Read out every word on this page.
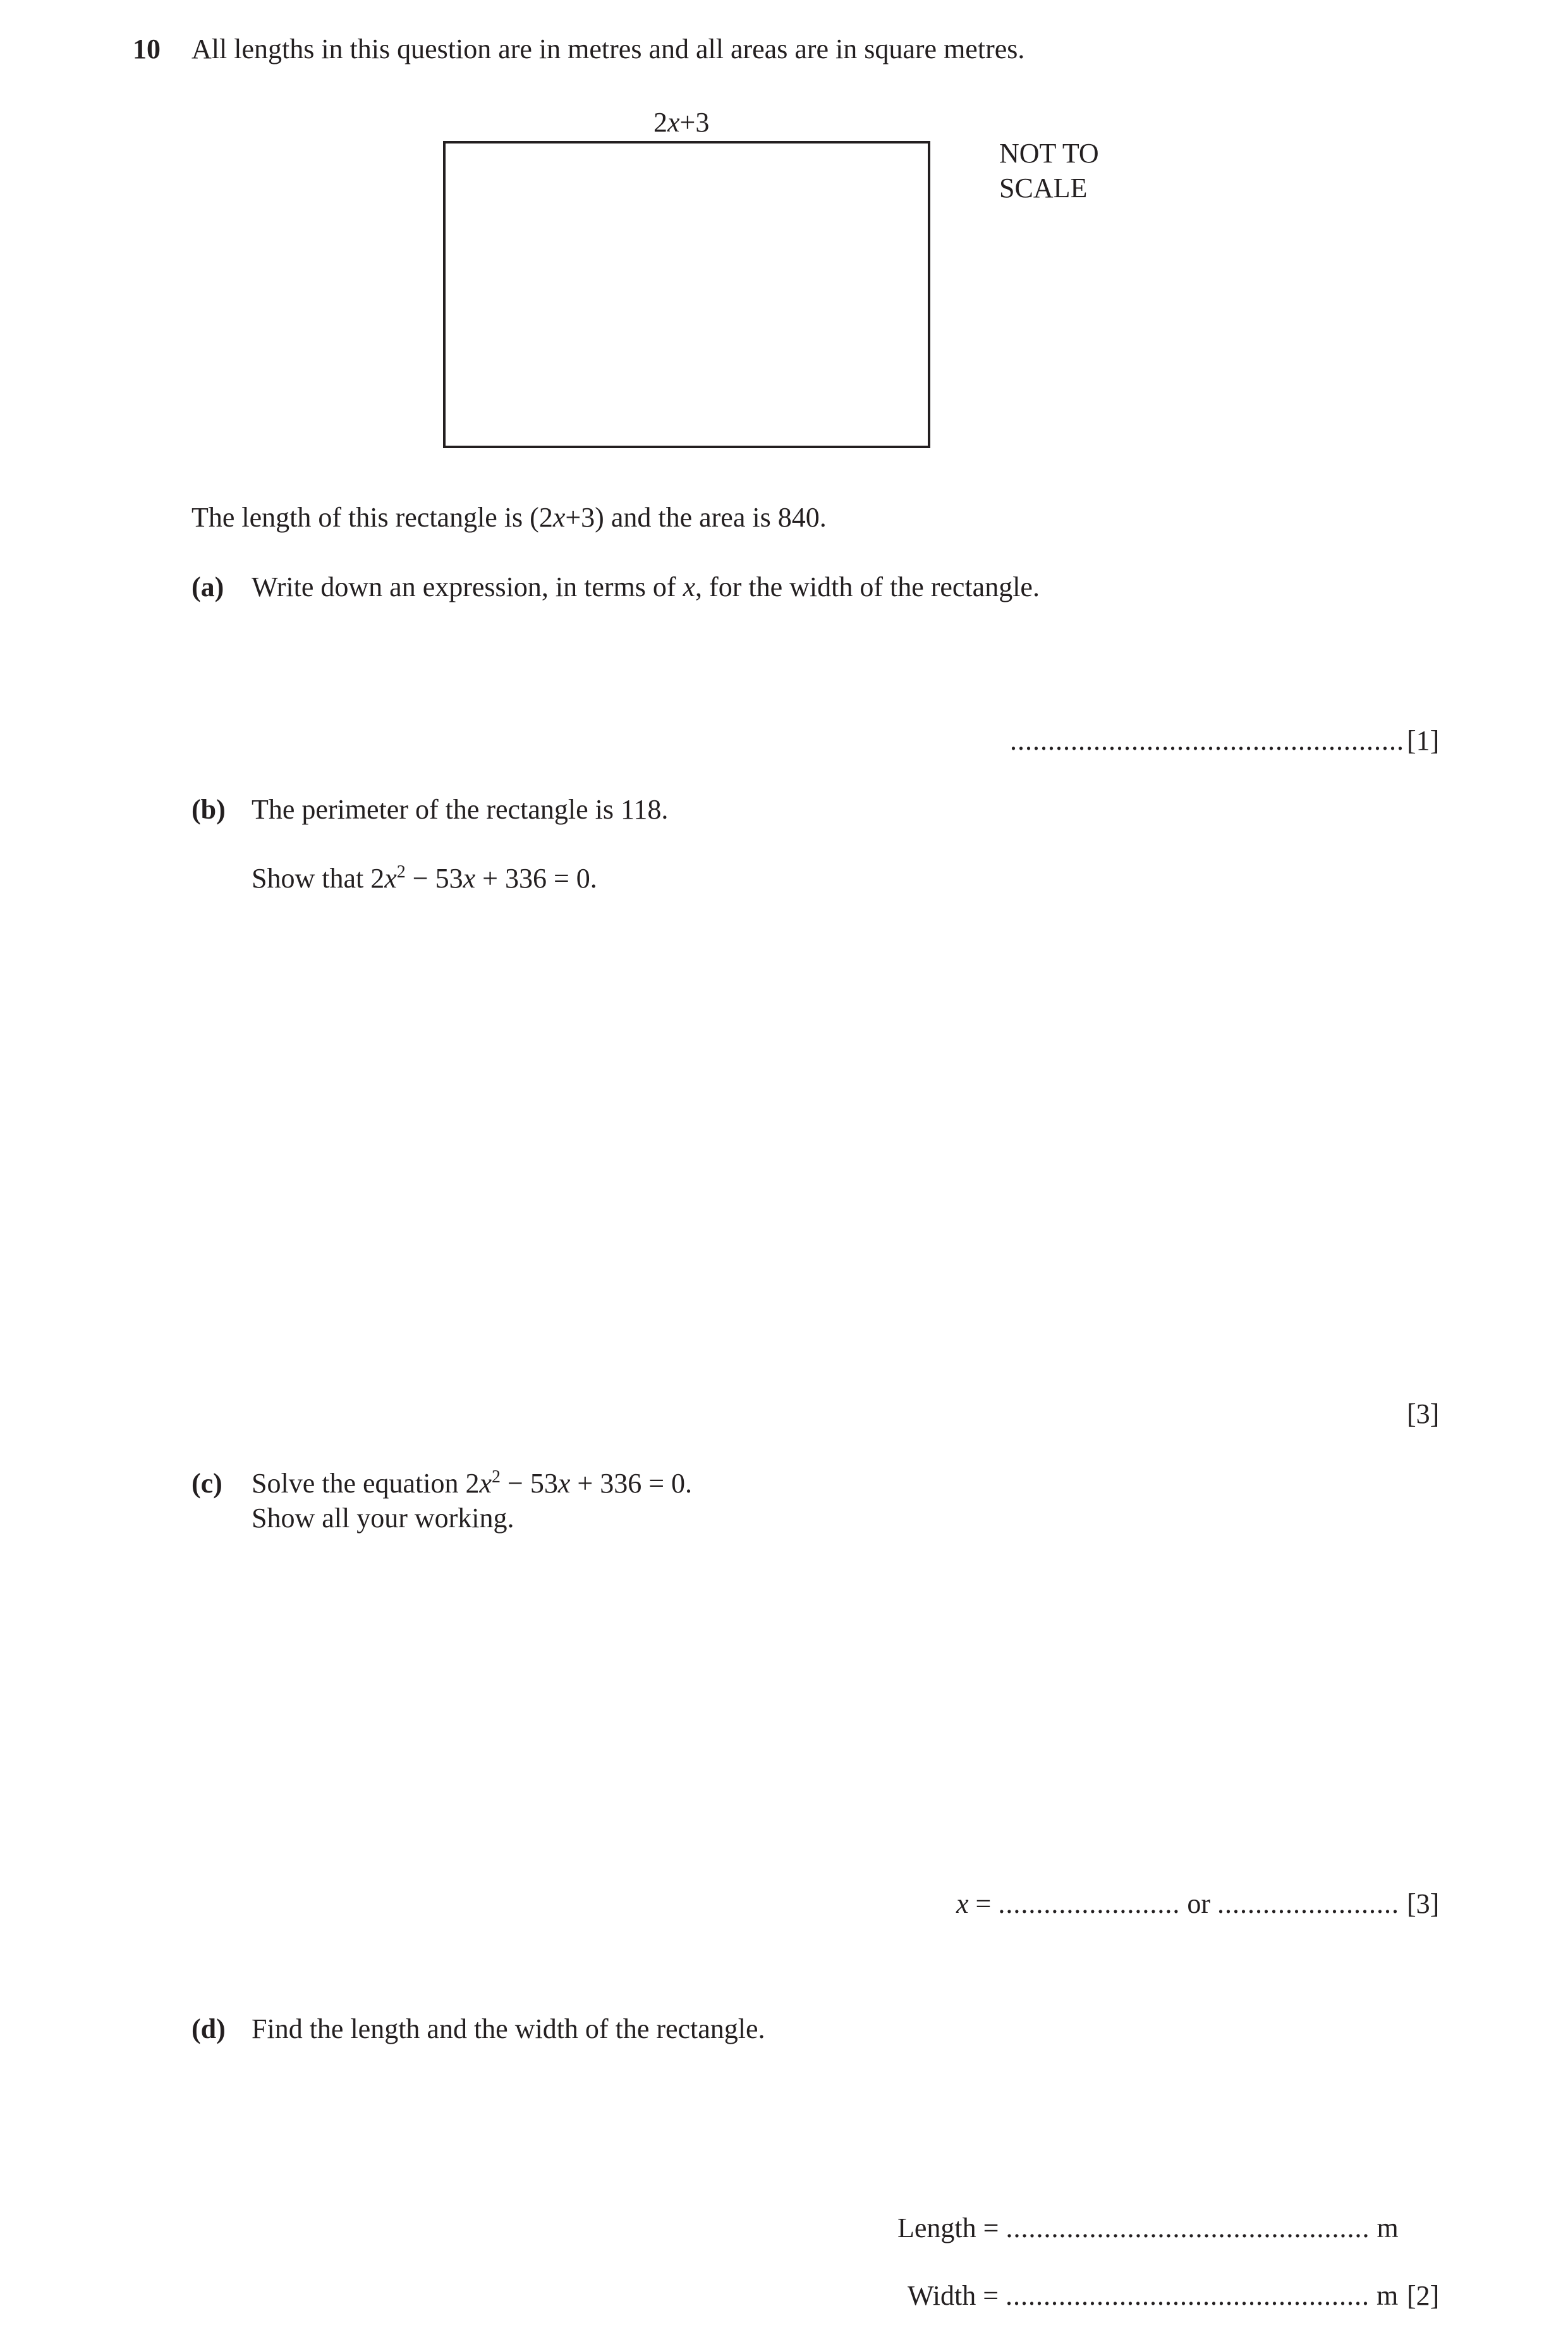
10 All lengths in this question are in metres and all areas are in square metres.
2x+3
NOT TO
SCALE
The length of this rectangle is (2x+3) and the area is 840.
(a) Write down an expression, in terms of x, for the width of the rectangle.
.................................................... [1]
(b) The perimeter of the rectangle is 118.
Show that $2x^2 - 53x + 336 = 0$.
[3]
(c) Solve the equation $2x^2 - 53x + 336 = 0$.
Show all your working.
x = ........................ or ........................ [3]
(d) Find the length and the width of the rectangle.
Length = ................................................ m
Width = ................................................ m [2]
